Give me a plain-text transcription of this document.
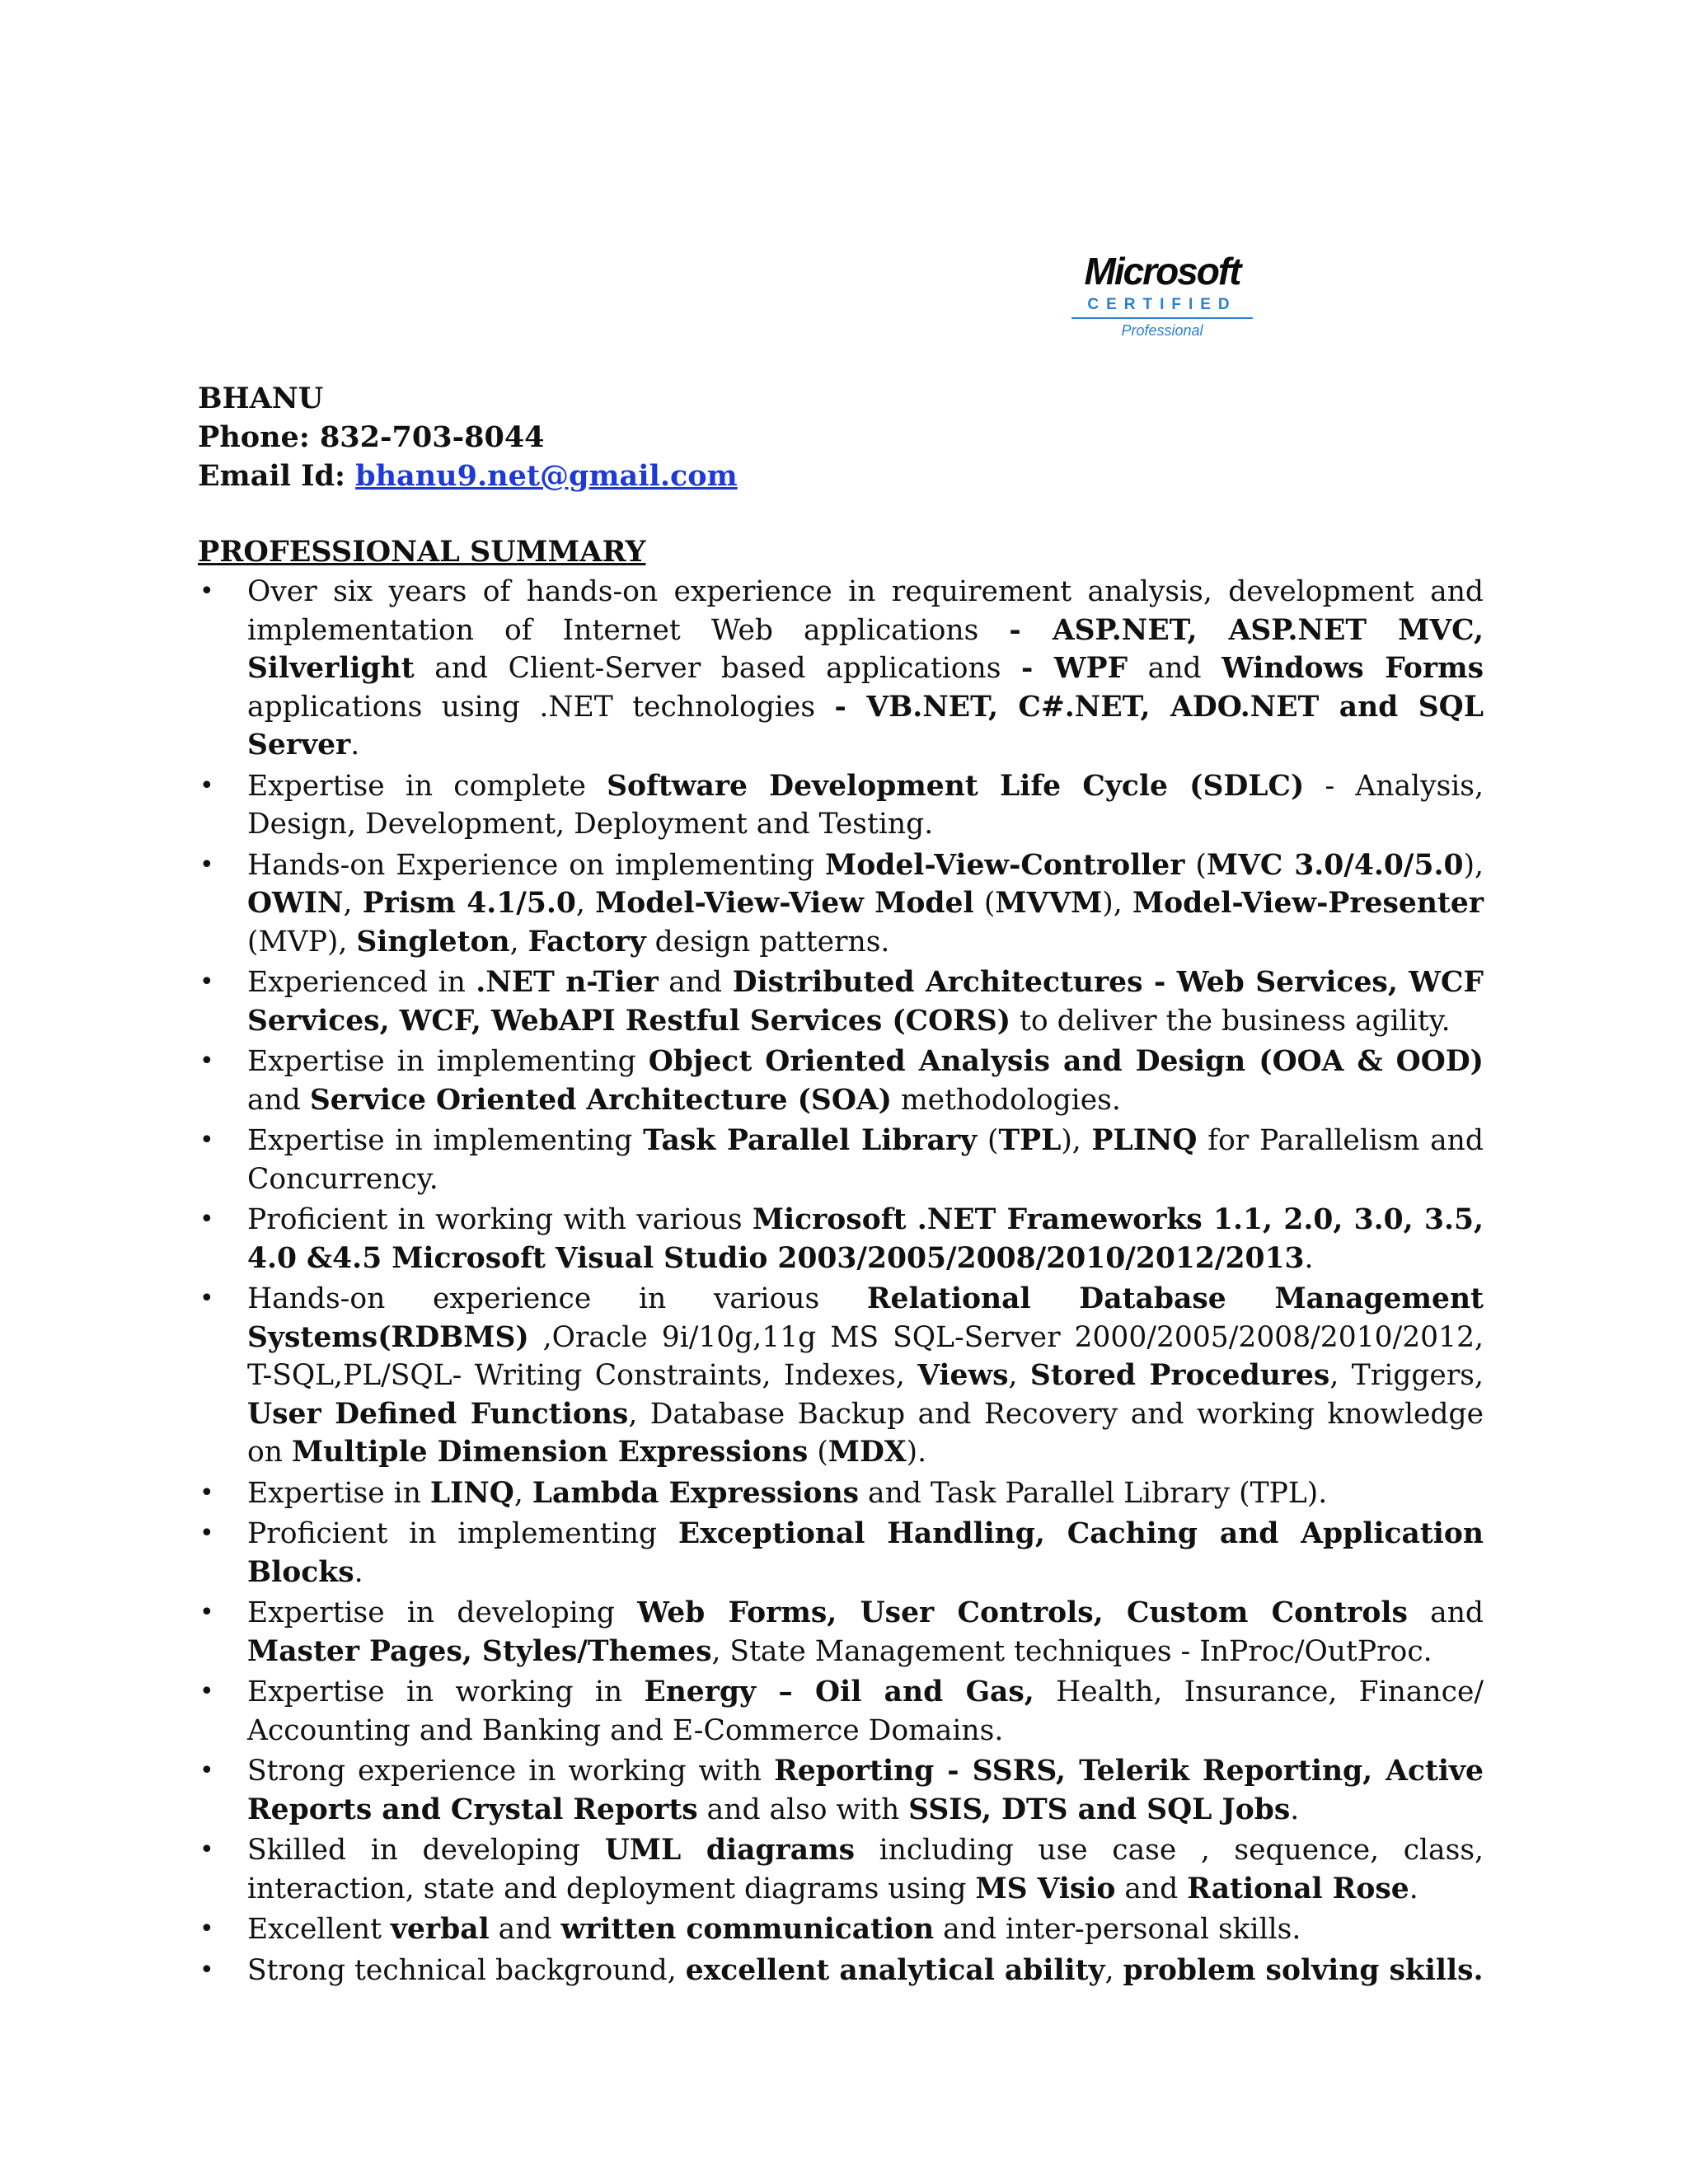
Microsoft
CERTIFIED
Professional
BHANU
Phone: 832-703-8044
Email Id: bhanu9.net@gmail.com
PROFESSIONAL SUMMARY
• Over six years of hands-on experience in requirement analysis, development and implementation of Internet Web applications - ASP.NET, ASP.NET MVC, Silverlight and Client-Server based applications - WPF and Windows Forms applications using .NET technologies - VB.NET, C#.NET, ADO.NET and SQL Server.
• Expertise in complete Software Development Life Cycle (SDLC) - Analysis, Design, Development, Deployment and Testing.
• Hands-on Experience on implementing Model-View-Controller (MVC 3.0/4.0/5.0), OWIN, Prism 4.1/5.0, Model-View-View Model (MVVM), Model-View-Presenter (MVP), Singleton, Factory design patterns.
• Experienced in .NET n-Tier and Distributed Architectures - Web Services, WCF Services, WCF, WebAPI Restful Services (CORS) to deliver the business agility.
• Expertise in implementing Object Oriented Analysis and Design (OOA & OOD) and Service Oriented Architecture (SOA) methodologies.
• Expertise in implementing Task Parallel Library (TPL), PLINQ for Parallelism and Concurrency.
• Proficient in working with various Microsoft .NET Frameworks 1.1, 2.0, 3.0, 3.5, 4.0 &4.5 Microsoft Visual Studio 2003/2005/2008/2010/2012/2013.
• Hands-on experience in various Relational Database Management Systems(RDBMS) ,Oracle 9i/10g,11g MS SQL-Server 2000/2005/2008/2010/2012, T-SQL,PL/SQL- Writing Constraints, Indexes, Views, Stored Procedures, Triggers, User Defined Functions, Database Backup and Recovery and working knowledge on Multiple Dimension Expressions (MDX).
• Expertise in LINQ, Lambda Expressions and Task Parallel Library (TPL).
• Proficient in implementing Exceptional Handling, Caching and Application Blocks.
• Expertise in developing Web Forms, User Controls, Custom Controls and Master Pages, Styles/Themes, State Management techniques - InProc/OutProc.
• Expertise in working in Energy – Oil and Gas, Health, Insurance, Finance/ Accounting and Banking and E-Commerce Domains.
• Strong experience in working with Reporting - SSRS, Telerik Reporting, Active Reports and Crystal Reports and also with SSIS, DTS and SQL Jobs.
• Skilled in developing UML diagrams including use case , sequence, class, interaction, state and deployment diagrams using MS Visio and Rational Rose.
• Excellent verbal and written communication and inter-personal skills.
• Strong technical background, excellent analytical ability, problem solving skills.
